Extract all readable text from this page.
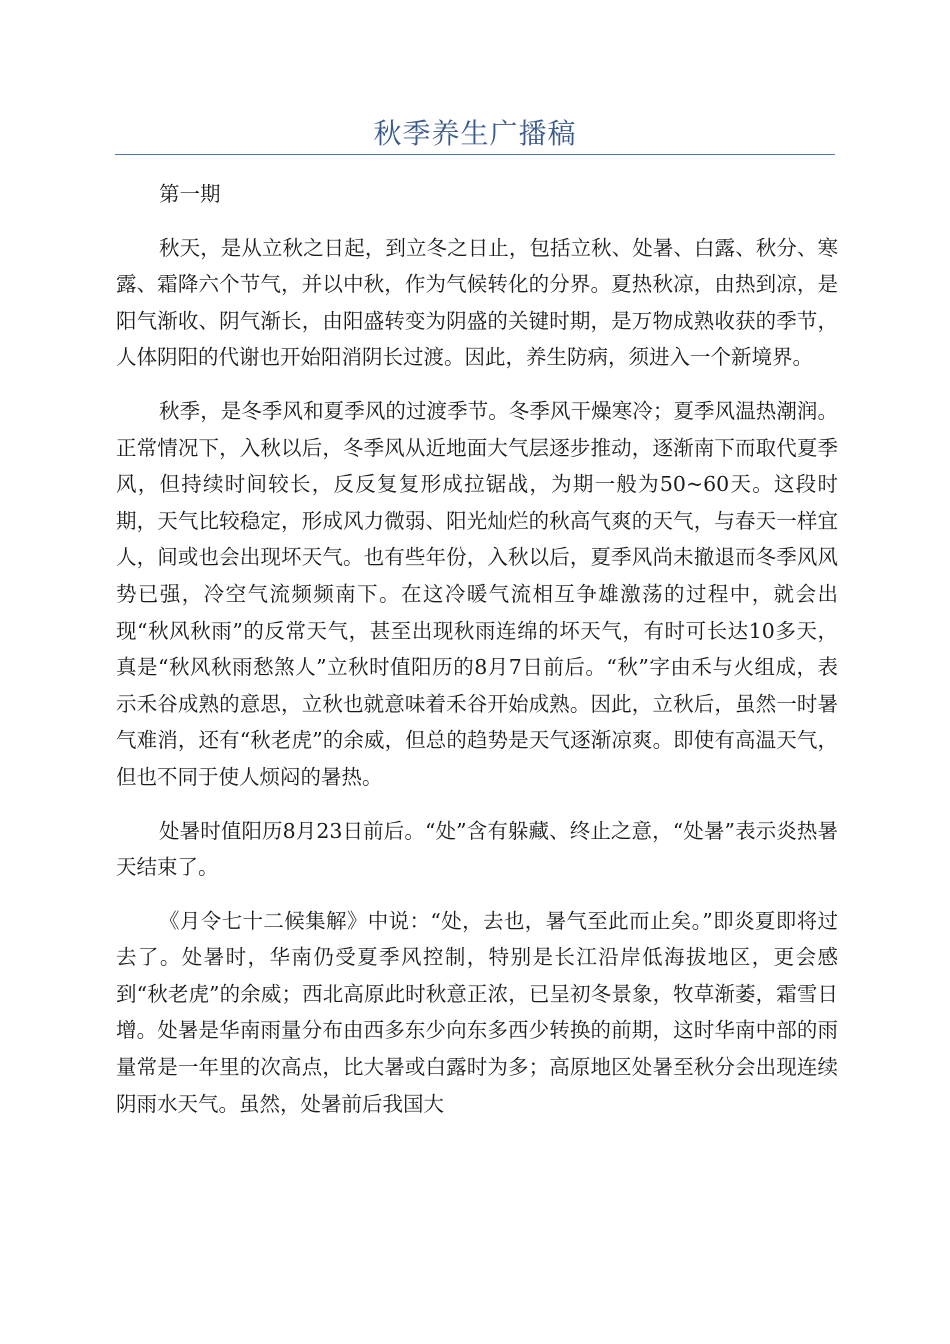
秋季养生广播稿

第一期

秋天，是从立秋之日起，到立冬之日止，包括立秋、处暑、白露、秋分、寒露、霜降六个节气，并以中秋，作为气候转化的分界。夏热秋凉，由热到凉，是阳气渐收、阴气渐长，由阳盛转变为阴盛的关键时期，是万物成熟收获的季节，人体阴阳的代谢也开始阳消阴长过渡。因此，养生防病，须进入一个新境界。

秋季，是冬季风和夏季风的过渡季节。冬季风干燥寒冷；夏季风温热潮润。正常情况下，入秋以后，冬季风从近地面大气层逐步推动，逐渐南下而取代夏季风，但持续时间较长，反反复复形成拉锯战，为期一般为50~60天。这段时期，天气比较稳定，形成风力微弱、阳光灿烂的秋高气爽的天气，与春天一样宜人，间或也会出现坏天气。也有些年份，入秋以后，夏季风尚未撤退而冬季风风势已强，冷空气流频频南下。在这冷暖气流相互争雄激荡的过程中，就会出现“秋风秋雨”的反常天气，甚至出现秋雨连绵的坏天气，有时可长达10多天，真是“秋风秋雨愁煞人”立秋时值阳历的8月7日前后。“秋”字由禾与火组成，表示禾谷成熟的意思，立秋也就意味着禾谷开始成熟。因此，立秋后，虽然一时暑气难消，还有“秋老虎”的余威，但总的趋势是天气逐渐凉爽。即使有高温天气，但也不同于使人烦闷的暑热。

处暑时值阳历8月23日前后。“处”含有躲藏、终止之意，“处暑”表示炎热暑天结束了。

《月令七十二候集解》中说：“处，去也，暑气至此而止矣。”即炎夏即将过去了。处暑时，华南仍受夏季风控制，特别是长江沿岸低海拔地区，更会感到“秋老虎”的余威；西北高原此时秋意正浓，已呈初冬景象，牧草渐萎，霜雪日增。处暑是华南雨量分布由西多东少向东多西少转换的前期，这时华南中部的雨量常是一年里的次高点，比大暑或白露时为多；高原地区处暑至秋分会出现连续阴雨水天气。虽然，处暑前后我国大
